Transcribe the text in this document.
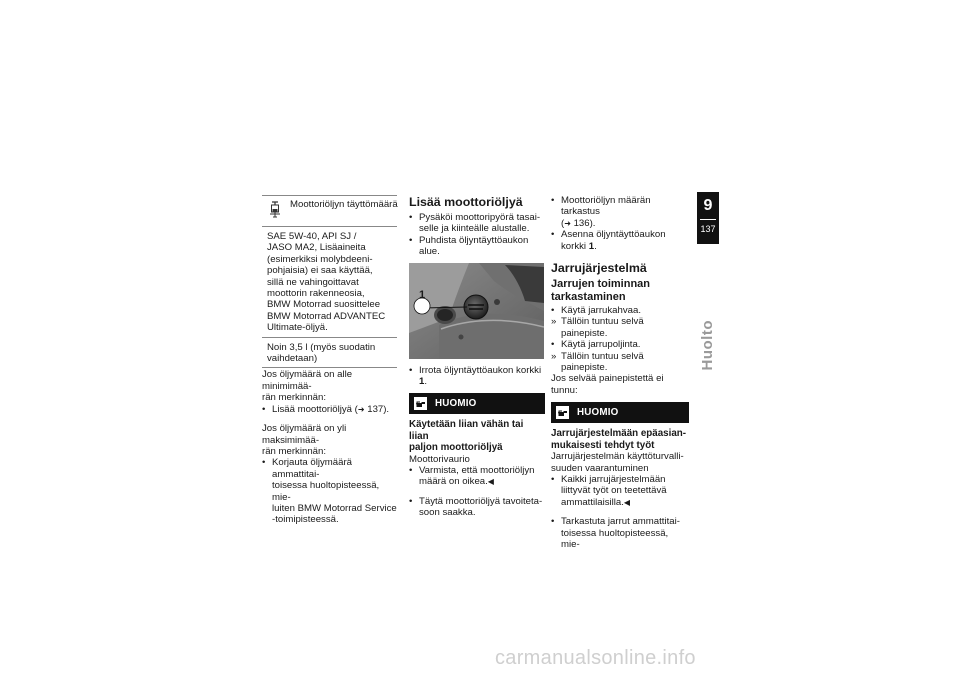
Moottoriöljyn täyttömäärä
SAE 5W-40, API SJ /
JASO MA2, Lisäaineita
(esimerkiksi molybdeeni-
pohjaisia) ei saa käyttää,
sillä ne vahingoittavat
moottorin rakenneosia,
BMW Motorrad suosittelee
BMW Motorrad ADVANTEC
Ultimate-öljyä.
Noin 3,5 l (myös suodatin
vaihdetaan)
Jos öljymäärä on alle minimimää-
rän merkinnän:
• Lisää moottoriöljyä (➜ 137).
Jos öljymäärä on yli maksimimää-
rän merkinnän:
• Korjauta öljymäärä ammattitai-
toisessa huoltopisteessä, mie-
luiten BMW Motorrad Service
-toimipisteessä.
Lisää moottoriöljyä
• Pysäköi moottoripyörä tasai-
selle ja kiinteälle alustalle.
• Puhdista öljyntäyttöaukon alue.
1
• Irrota öljyntäyttöaukon korkki 1.
HUOMIO
Käytetään liian vähän tai liian
paljon moottoriöljyä
Moottorivaurio
• Varmista, että moottoriöljyn
määrä on oikea.◀
• Täytä moottoriöljyä tavoiteta-
soon saakka.
• Moottoriöljyn määrän tarkastus
(➜ 136).
• Asenna öljyntäyttöaukon
korkki 1.
Jarrujärjestelmä
Jarrujen toiminnan
tarkastaminen
• Käytä jarrukahvaa.
» Tällöin tuntuu selvä painepiste.
• Käytä jarrupoljinta.
» Tällöin tuntuu selvä painepiste.
Jos selvää painepistettä ei tunnu:
HUOMIO
Jarrujärjestelmään epäasian-
mukaisesti tehdyt työt
Jarrujärjestelmän käyttöturvalli-
suuden vaarantuminen
• Kaikki jarrujärjestelmään
liittyvät työt on teetettävä
ammattilaisilla.◀
• Tarkastuta jarrut ammattitai-
toisessa huoltopisteessä, mie-
9
137
Huolto
carmanualsonline.info
